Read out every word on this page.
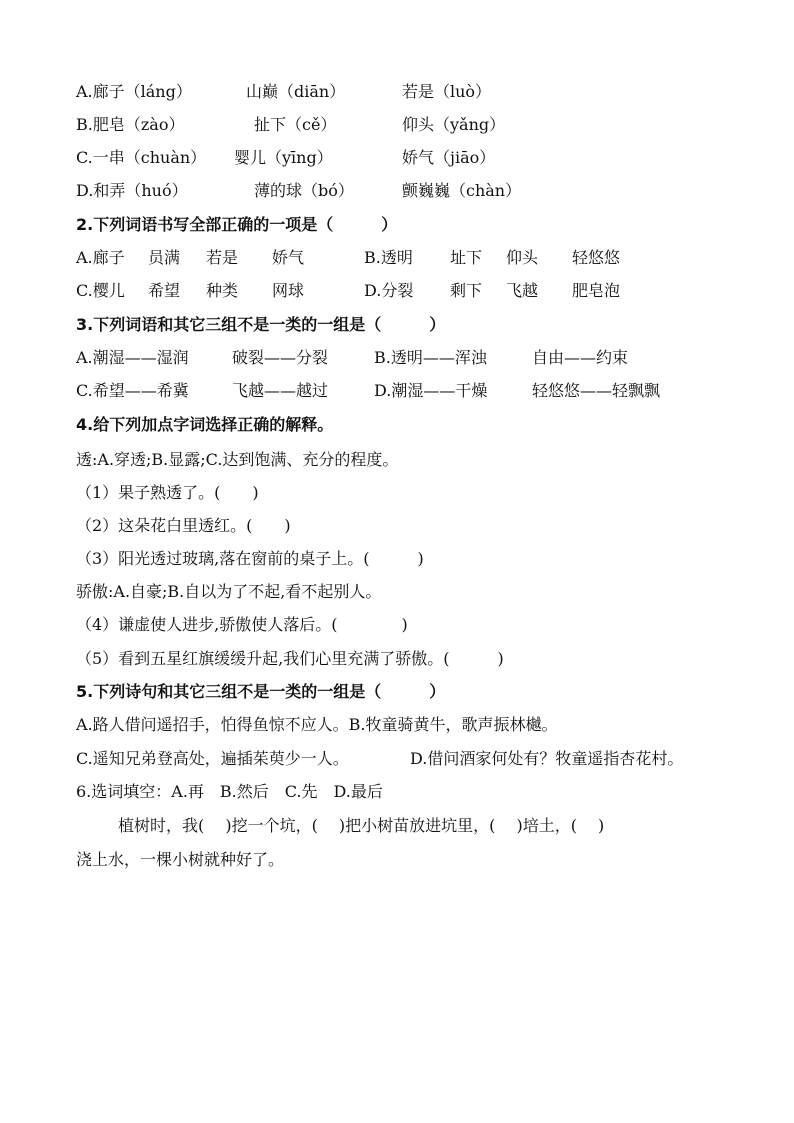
A.廊子（láng）	山巅（diān）	若是（luò）
B.肥皂（zào）	扯下（cě）	仰头（yǎng）
C.一串（chuàn） 婴儿（yīng）	娇气（jiāo）
D.和弄（huó）	薄的球（bó）	颤巍巍（chàn）
2.下列词语书写全部正确的一项是（　　　）
A.廊子 员满 若是 娇气	B.透明 址下 仰头 轻悠悠
C.樱儿 希望 种类 网球	D.分裂 剩下 飞越 肥皂泡
3.下列词语和其它三组不是一类的一组是（　　　）
A.潮湿——湿润	破裂——分裂	B.透明——浑浊	自由——约束
C.希望——希冀	飞越——越过	D.潮湿——干燥	轻悠悠——轻飘飘
4.给下列加点字词选择正确的解释。
透:A.穿透;B.显露;C.达到饱满、充分的程度。
（1）果子熟透了。(　　)
（2）这朵花白里透红。(　　)
（3）阳光透过玻璃,落在窗前的桌子上。(　　　)
骄傲:A.自豪;B.自以为了不起,看不起别人。
（4）谦虚使人进步,骄傲使人落后。(　　　　)
（5）看到五星红旗缓缓升起,我们心里充满了骄傲。(　　　)
5.下列诗句和其它三组不是一类的一组是（　　　）
A.路人借问遥招手，怕得鱼惊不应人。B.牧童骑黄牛，歌声振林樾。
C.遥知兄弟登高处，遍插茱萸少一人。	D.借问酒家何处有？牧童遥指杏花村。
6.选词填空：A.再　B.然后　C.先　D.最后
植树时，我(　 )挖一个坑，(　 )把小树苗放进坑里，(　 )培土，(　 )
浇上水，一棵小树就种好了。
